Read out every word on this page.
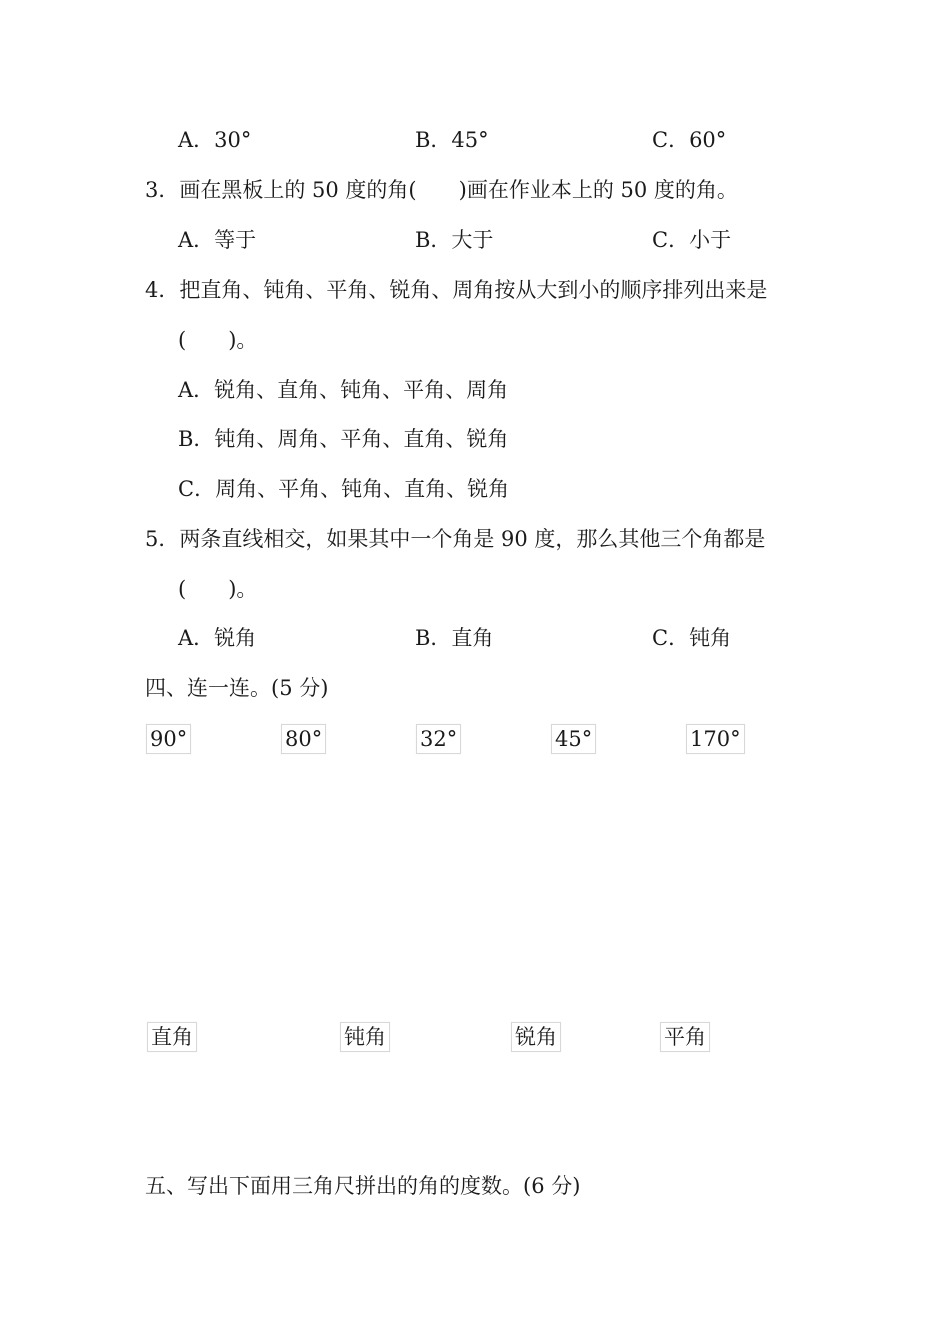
A．30°	B．45°	C．60°
3．画在黑板上的 50 度的角(　　)画在作业本上的 50 度的角。
A．等于	B．大于	C．小于
4．把直角、钝角、平角、锐角、周角按从大到小的顺序排列出来是
(　　)。
A．锐角、直角、钝角、平角、周角
B．钝角、周角、平角、直角、锐角
C．周角、平角、钝角、直角、锐角
5．两条直线相交，如果其中一个角是 90 度，那么其他三个角都是
(　　)。
A．锐角	B．直角	C．钝角
四、连一连。(5 分)
90°	80°	32°	45°	170°
直角	钝角	锐角	平角
五、写出下面用三角尺拼出的角的度数。(6 分)
